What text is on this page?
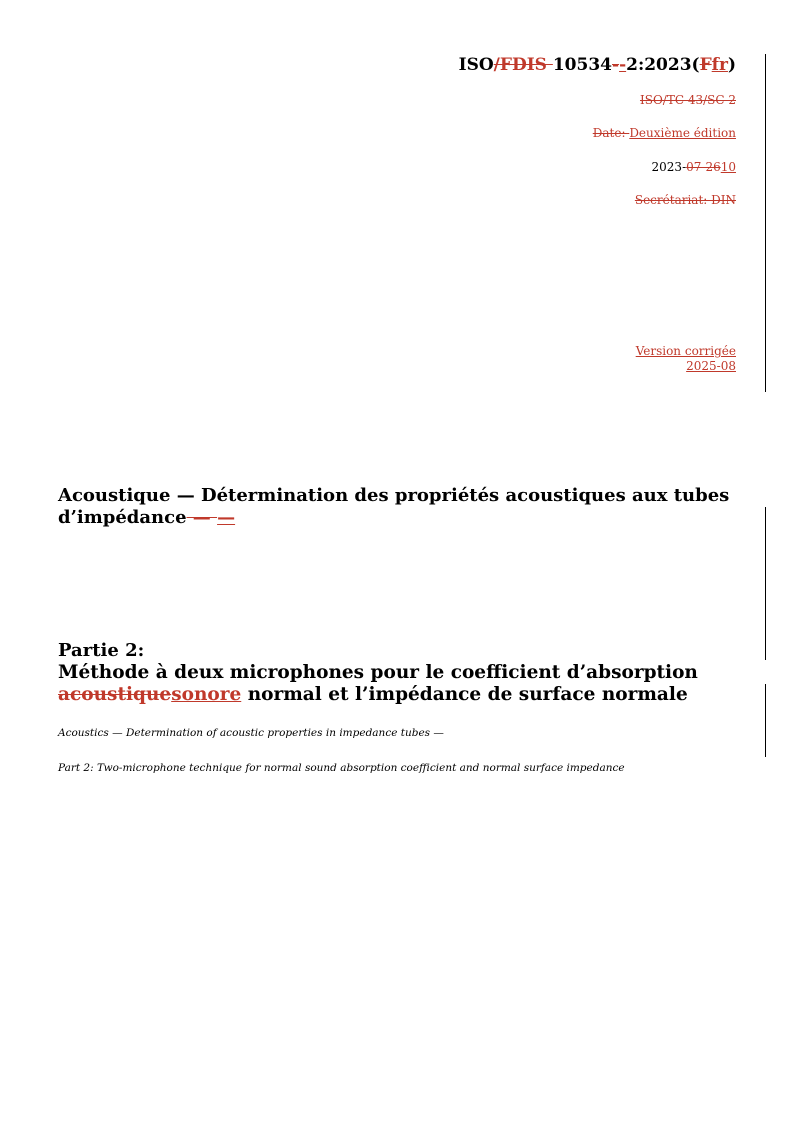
ISO/FDIS 10534--2:2023(Ffr)
ISO/TC 43/SC 2
Date: Deuxième édition
2023-07-2610
Secrétariat: DIN
Version corrigée
2025-08
Acoustique — Détermination des propriétés acoustiques aux tubes d’impédance — —
Partie 2:
Méthode à deux microphones pour le coefficient d’absorption acoustiquesonore normal et l’impédance de surface normale
Acoustics — Determination of acoustic properties in impedance tubes —
Part 2: Two-microphone technique for normal sound absorption coefficient and normal surface impedance
